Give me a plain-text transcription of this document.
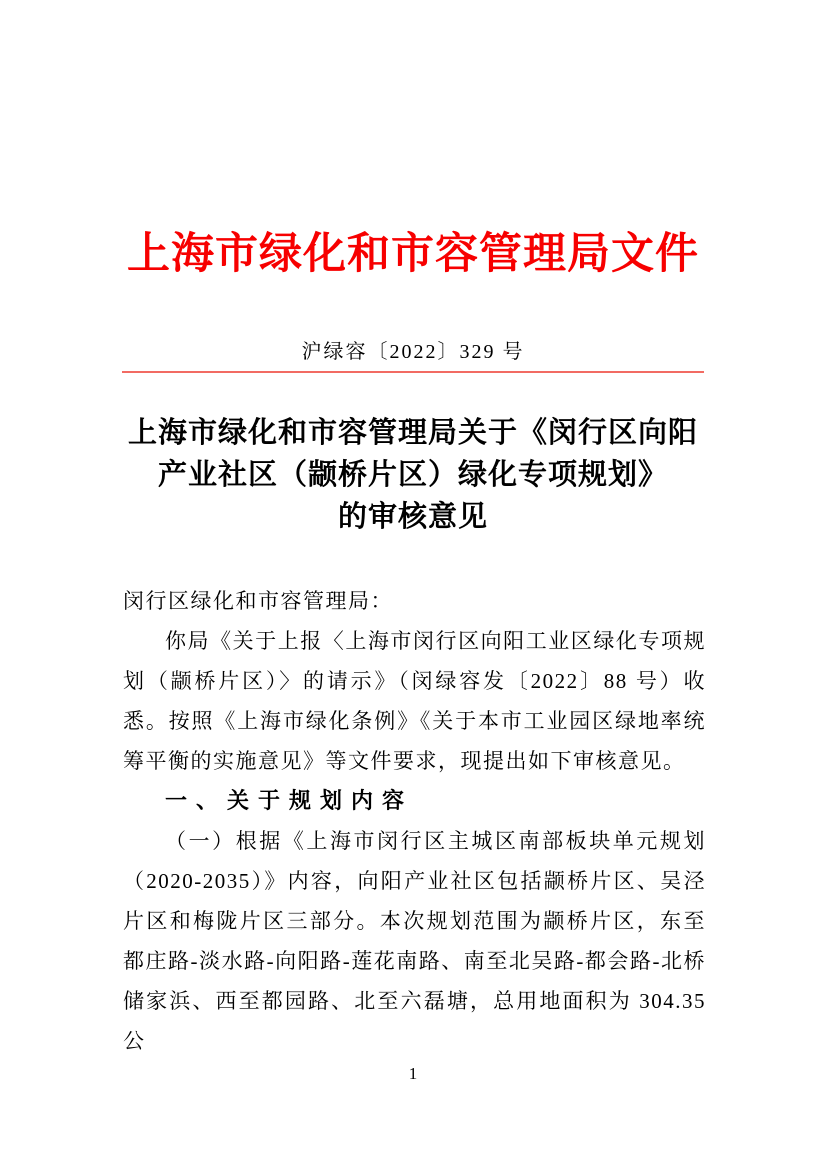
上海市绿化和市容管理局文件
沪绿容〔2022〕329 号
上海市绿化和市容管理局关于《闵行区向阳
产业社区（颛桥片区）绿化专项规划》
的审核意见

闵行区绿化和市容管理局：

你局《关于上报〈上海市闵行区向阳工业区绿化专项规划（颛桥片区）〉的请示》（闵绿容发〔2022〕88 号）收悉。按照《上海市绿化条例》《关于本市工业园区绿地率统筹平衡的实施意见》等文件要求，现提出如下审核意见。

一、关于规划内容

（一）根据《上海市闵行区主城区南部板块单元规划（2020-2035）》内容，向阳产业社区包括颛桥片区、吴泾片区和梅陇片区三部分。本次规划范围为颛桥片区，东至都庄路-淡水路-向阳路-莲花南路、南至北吴路-都会路-北桥储家浜、西至都园路、北至六磊塘，总用地面积为 304.35 公

1
